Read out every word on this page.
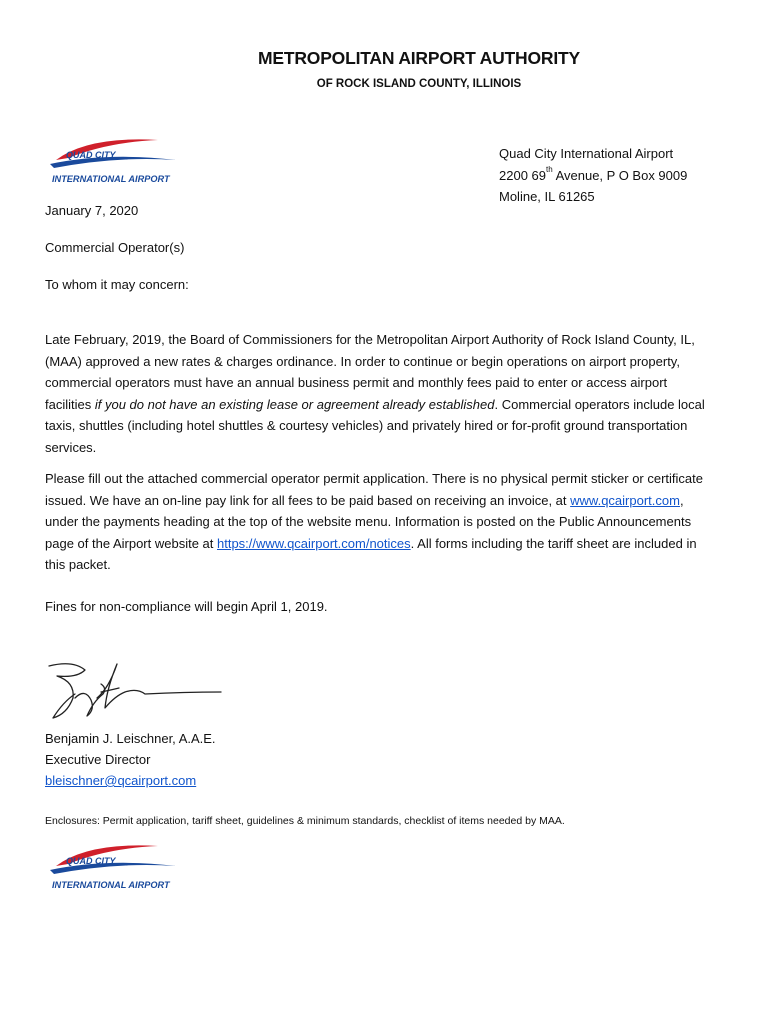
METROPOLITAN AIRPORT AUTHORITY
OF ROCK ISLAND COUNTY, ILLINOIS
QUAD CITY
INTERNATIONAL AIRPORT
Quad City International Airport
2200 69th Avenue, P O Box 9009
Moline, IL 61265
January 7, 2020
Commercial Operator(s)
To whom it may concern:
Late February, 2019, the Board of Commissioners for the Metropolitan Airport Authority of Rock Island County, IL, (MAA) approved a new rates & charges ordinance. In order to continue or begin operations on airport property, commercial operators must have an annual business permit and monthly fees paid to enter or access airport facilities if you do not have an existing lease or agreement already established. Commercial operators include local taxis, shuttles (including hotel shuttles & courtesy vehicles) and privately hired or for-profit ground transportation services.
Please fill out the attached commercial operator permit application. There is no physical permit sticker or certificate issued. We have an on-line pay link for all fees to be paid based on receiving an invoice, at www.qcairport.com, under the payments heading at the top of the website menu. Information is posted on the Public Announcements page of the Airport website at https://www.qcairport.com/notices. All forms including the tariff sheet are included in this packet.
Fines for non-compliance will begin April 1, 2019.
Benjamin J. Leischner, A.A.E.
Executive Director
bleischner@qcairport.com
Enclosures: Permit application, tariff sheet, guidelines & minimum standards, checklist of items needed by MAA.
QUAD CITY
INTERNATIONAL AIRPORT
